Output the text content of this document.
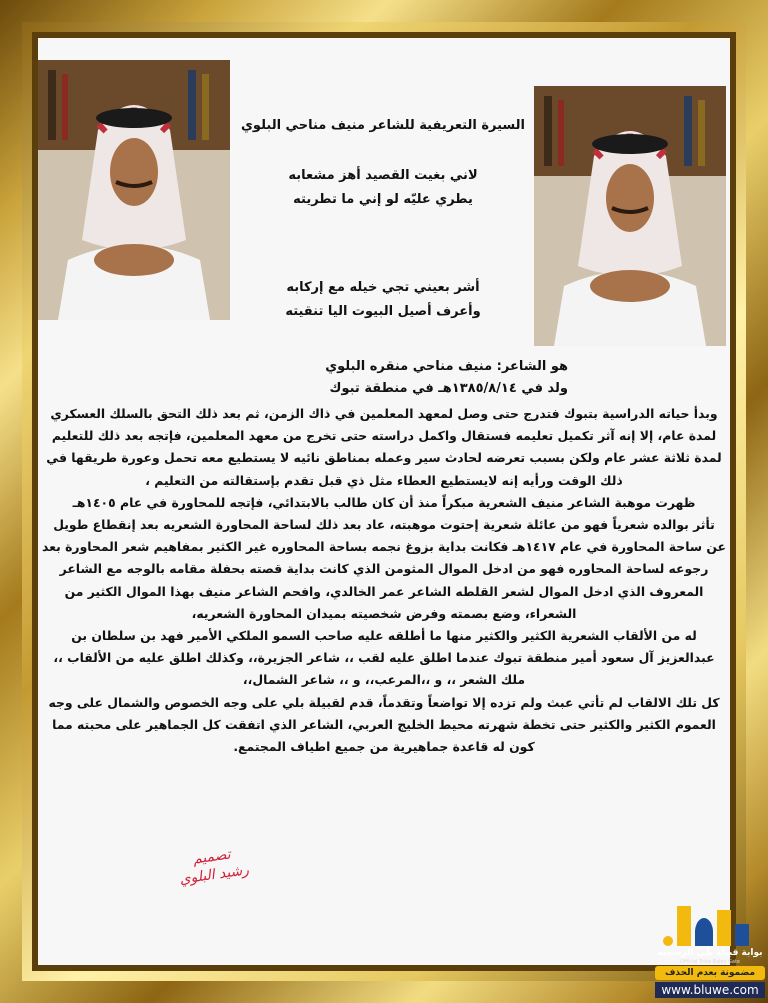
السيرة التعريفية للشاعر منيف مناحي البلوي
لاني بغيت القصيد أهز مشعابه
يطري عليّه لو إني ما تطريته
أشر بعيني تجي خيله مع إركابه
وأعرف أصيل البيوت اليا تنقيته
هو الشاعر: منيف مناحي منقره البلوي
ولد في ١٣٨٥/٨/١٤هـ في منطقة تبوك

وبدأ حياته الدراسية بتبوك فتدرج حتى وصل لمعهد المعلمين في ذاك الزمن، ثم بعد ذلك التحق بالسلك العسكري لمدة عام، إلا إنه آثر تكميل تعليمه فستقال واكمل دراسته حتى تخرج من معهد المعلمين، فإتجه بعد ذلك للتعليم لمدة ثلاثة عشر عام ولكن بسبب تعرضه لحادث سير وعمله بمناطق نائيه لا يستطيع معه تحمل وعورة طريقها في ذلك الوقت ورأيه إنه لايستطيع العطاء مثل ذي قبل تقدم بإستقالته من التعليم ،

ظهرت موهبة الشاعر منيف الشعرية مبكراً منذ أن كان طالب بالابتدائي، فإتجه للمحاورة في عام ١٤٠٥هـ

تأثر بوالده شعرياً فهو من عائلة شعرية إحتوت موهبته، عاد بعد ذلك لساحة المحاورة الشعريه بعد إنقطاع طويل عن ساحة المحاورة في عام ١٤١٧هـ فكانت بداية بزوغ نجمه بساحة المحاوره غير الكثير بمفاهيم شعر المحاورة بعد رجوعه لساحة المحاوره فهو من ادخل الموال المثومن الذي كانت بداية قصته بحفلة مقامه بالوجه مع الشاعر المعروف الذي ادخل الموال لشعر القلطه الشاعر عمر الخالدي، وافحم الشاعر منيف بهذا الموال الكثير من الشعراء، وضع بصمته وفرض شخصيته بميدان المحاورة الشعريه،

له من الألقاب الشعرية الكثير والكثير منها ما أطلقه عليه صاحب السمو الملكي الأمير فهد بن سلطان بن عبدالعزيز آل سعود أمير منطقة تبوك عندما اطلق عليه لقب ،، شاعر الجزيرة،، وكذلك اطلق عليه من الألقاب ،، ملك الشعر ،، و ،،المرعب،، و ،، شاعر الشمال،،

كل تلك الالقاب لم تأتي عبث ولم تزده إلا تواضعاً وتقدماً، قدم لقبيلة بلي على وجه الخصوص والشمال على وجه العموم الكثير والكثير حتى تخطة شهرته محيط الخليج العربي، الشاعر الذي اتفقت كل الجماهير على محبته مما كون له قاعدة جماهيرية من جميع اطياف المجتمع.

تصميم
رشيد البلوي
بوابة قبيلة بلي الرسمية
Official Tribe Baley Gate
مضمونة بعدم الحذف
www.bluwe.com
